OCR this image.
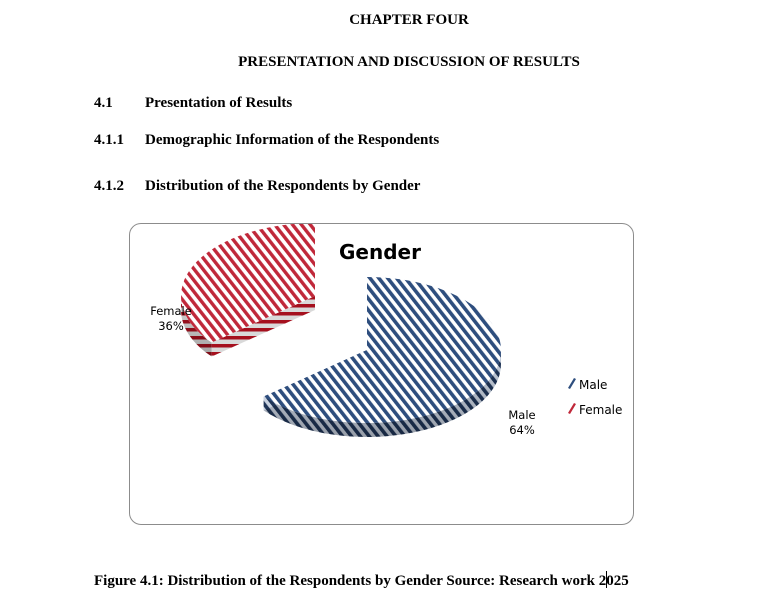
CHAPTER FOUR
PRESENTATION AND DISCUSSION OF RESULTS
4.1 Presentation of Results
4.1.1 Demographic Information of the Respondents
4.1.2 Distribution of the Respondents by Gender
Gender
Female
36%
Male
64%
Male
Female
Figure 4.1: Distribution of the Respondents by Gender Source: Research work 2025
